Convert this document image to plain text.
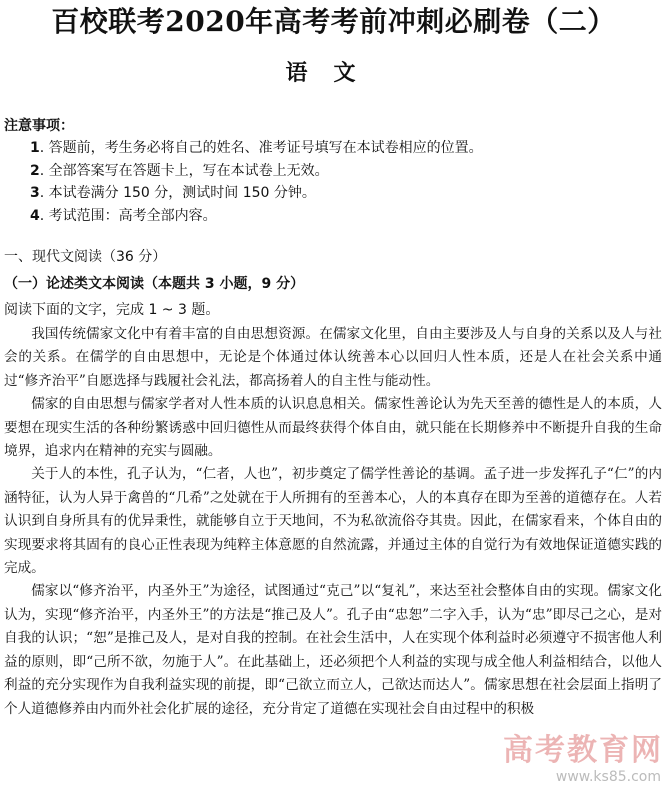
百校联考2020年高考考前冲刺必刷卷（二）
语文
注意事项：
1. 答题前，考生务必将自己的姓名、准考证号填写在本试卷相应的位置。
2. 全部答案写在答题卡上，写在本试卷上无效。
3. 本试卷满分 150 分，测试时间 150 分钟。
4. 考试范围：高考全部内容。
一、现代文阅读（36 分）
（一）论述类文本阅读（本题共 3 小题，9 分）
阅读下面的文字，完成 1 ~ 3 题。

我国传统儒家文化中有着丰富的自由思想资源。在儒家文化里，自由主要涉及人与自身的关系以及人与社会的关系。在儒学的自由思想中，无论是个体通过体认统善本心以回归人性本质，还是人在社会关系中通过“修齐治平”自愿选择与践履社会礼法，都高扬着人的自主性与能动性。

儒家的自由思想与儒家学者对人性本质的认识息息相关。儒家性善论认为先天至善的德性是人的本质，人要想在现实生活的各种纷繁诱惑中回归德性从而最终获得个体自由，就只能在长期修养中不断提升自我的生命境界，追求内在精神的充实与圆融。

关于人的本性，孔子认为，“仁者，人也”，初步奠定了儒学性善论的基调。孟子进一步发挥孔子“仁”的内涵特征，认为人异于禽兽的“几希”之处就在于人所拥有的至善本心，人的本真存在即为至善的道德存在。人若认识到自身所具有的优异秉性，就能够自立于天地间，不为私欲流俗夺其贵。因此，在儒家看来，个体自由的实现要求将其固有的良心正性表现为纯粹主体意愿的自然流露，并通过主体的自觉行为有效地保证道德实践的完成。

儒家以“修齐治平，内圣外王”为途径，试图通过“克己”以“复礼”，来达至社会整体自由的实现。儒家文化认为，实现“修齐治平，内圣外王”的方法是“推己及人”。孔子由“忠恕”二字入手，认为“忠”即尽己之心，是对自我的认识；“恕”是推己及人，是对自我的控制。在社会生活中，人在实现个体利益时必须遵守不损害他人利益的原则，即“己所不欲，勿施于人”。在此基础上，还必须把个人利益的实现与成全他人利益相结合，以他人利益的充分实现作为自我利益实现的前提，即“己欲立而立人，己欲达而达人”。儒家思想在社会层面上指明了个人道德修养由内而外社会化扩展的途径，充分肯定了道德在实现社会自由过程中的积极

高考教育网
www.ks85.com
